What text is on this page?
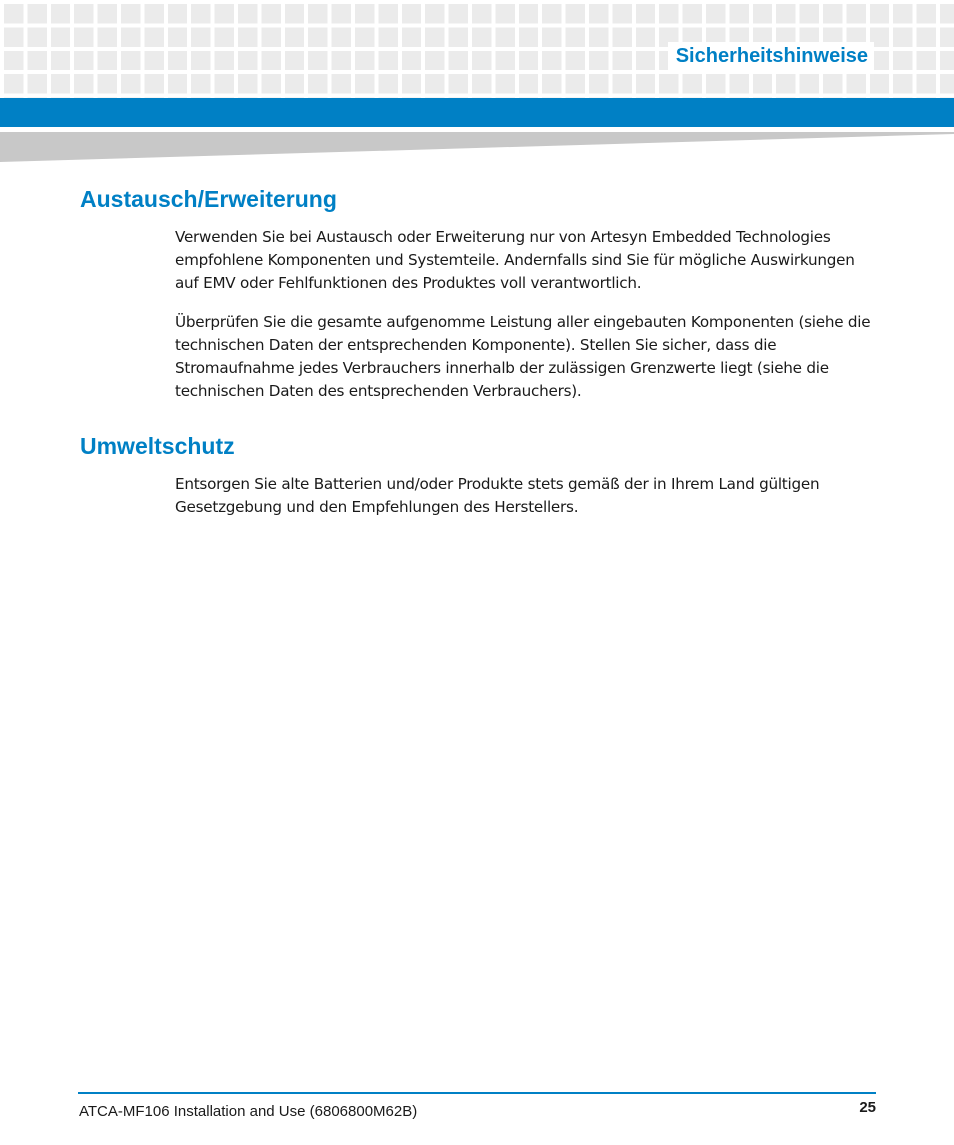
Sicherheitshinweise
Austausch/Erweiterung

Verwenden Sie bei Austausch oder Erweiterung nur von Artesyn Embedded Technologies empfohlene Komponenten und Systemteile. Andernfalls sind Sie für mögliche Auswirkungen auf EMV oder Fehlfunktionen des Produktes voll verantwortlich.

Überprüfen Sie die gesamte aufgenomme Leistung aller eingebauten Komponenten (siehe die technischen Daten der entsprechenden Komponente). Stellen Sie sicher, dass die Stromaufnahme jedes Verbrauchers innerhalb der zulässigen Grenzwerte liegt (siehe die technischen Daten des entsprechenden Verbrauchers).

Umweltschutz

Entsorgen Sie alte Batterien und/oder Produkte stets gemäß der in Ihrem Land gültigen Gesetzgebung und den Empfehlungen des Herstellers.

ATCA-MF106 Installation and Use (6806800M62B)	25
